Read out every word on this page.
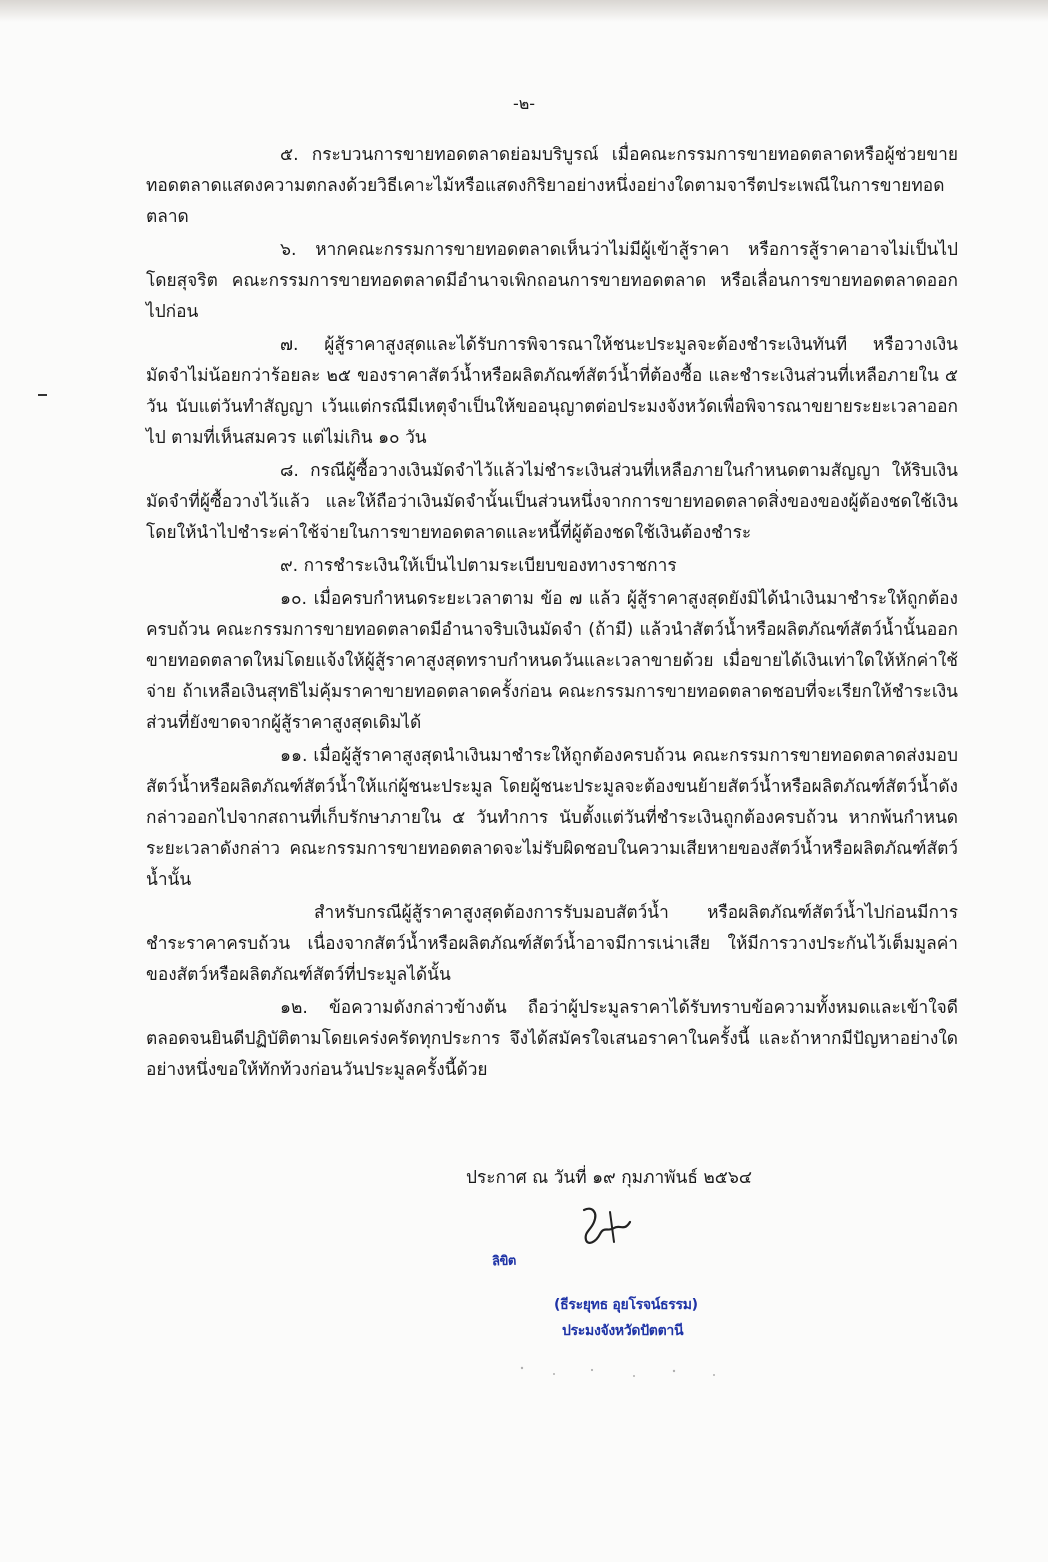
-๒-

๕. กระบวนการขายทอดตลาดย่อมบริบูรณ์ เมื่อคณะกรรมการขายทอดตลาดหรือผู้ช่วยขายทอดตลาดแสดงความตกลงด้วยวิธีเคาะไม้หรือแสดงกิริยาอย่างหนึ่งอย่างใดตามจารีตประเพณีในการขายทอดตลาด

๖. หากคณะกรรมการขายทอดตลาดเห็นว่าไม่มีผู้เข้าสู้ราคา หรือการสู้ราคาอาจไม่เป็นไปโดยสุจริต คณะกรรมการขายทอดตลาดมีอำนาจเพิกถอนการขายทอดตลาด หรือเลื่อนการขายทอดตลาดออกไปก่อน

๗. ผู้สู้ราคาสูงสุดและได้รับการพิจารณาให้ชนะประมูลจะต้องชำระเงินทันที หรือวางเงินมัดจำไม่น้อยกว่าร้อยละ ๒๕ ของราคาสัตว์น้ำหรือผลิตภัณฑ์สัตว์น้ำที่ต้องซื้อ และชำระเงินส่วนที่เหลือภายใน ๕ วัน นับแต่วันทำสัญญา เว้นแต่กรณีมีเหตุจำเป็นให้ขออนุญาตต่อประมงจังหวัดเพื่อพิจารณาขยายระยะเวลาออกไป ตามที่เห็นสมควร แต่ไม่เกิน ๑๐ วัน

๘. กรณีผู้ซื้อวางเงินมัดจำไว้แล้วไม่ชำระเงินส่วนที่เหลือภายในกำหนดตามสัญญา ให้ริบเงินมัดจำที่ผู้ซื้อวางไว้แล้ว และให้ถือว่าเงินมัดจำนั้นเป็นส่วนหนึ่งจากการขายทอดตลาดสิ่งของของผู้ต้องชดใช้เงินโดยให้นำไปชำระค่าใช้จ่ายในการขายทอดตลาดและหนี้ที่ผู้ต้องชดใช้เงินต้องชำระ

๙. การชำระเงินให้เป็นไปตามระเบียบของทางราชการ

๑๐. เมื่อครบกำหนดระยะเวลาตาม ข้อ ๗ แล้ว ผู้สู้ราคาสูงสุดยังมิได้นำเงินมาชำระให้ถูกต้องครบถ้วน คณะกรรมการขายทอดตลาดมีอำนาจริบเงินมัดจำ (ถ้ามี) แล้วนำสัตว์น้ำหรือผลิตภัณฑ์สัตว์น้ำนั้นออกขายทอดตลาดใหม่โดยแจ้งให้ผู้สู้ราคาสูงสุดทราบกำหนดวันและเวลาขายด้วย เมื่อขายได้เงินเท่าใดให้หักค่าใช้จ่าย ถ้าเหลือเงินสุทธิไม่คุ้มราคาขายทอดตลาดครั้งก่อน คณะกรรมการขายทอดตลาดชอบที่จะเรียกให้ชำระเงินส่วนที่ยังขาดจากผู้สู้ราคาสูงสุดเดิมได้

๑๑. เมื่อผู้สู้ราคาสูงสุดนำเงินมาชำระให้ถูกต้องครบถ้วน คณะกรรมการขายทอดตลาดส่งมอบสัตว์น้ำหรือผลิตภัณฑ์สัตว์น้ำให้แก่ผู้ชนะประมูล โดยผู้ชนะประมูลจะต้องขนย้ายสัตว์น้ำหรือผลิตภัณฑ์สัตว์น้ำดังกล่าวออกไปจากสถานที่เก็บรักษาภายใน ๕ วันทำการ นับตั้งแต่วันที่ชำระเงินถูกต้องครบถ้วน หากพ้นกำหนดระยะเวลาดังกล่าว คณะกรรมการขายทอดตลาดจะไม่รับผิดชอบในความเสียหายของสัตว์น้ำหรือผลิตภัณฑ์สัตว์น้ำนั้น

สำหรับกรณีผู้สู้ราคาสูงสุดต้องการรับมอบสัตว์น้ำ หรือผลิตภัณฑ์สัตว์น้ำไปก่อนมีการชำระราคาครบถ้วน เนื่องจากสัตว์น้ำหรือผลิตภัณฑ์สัตว์น้ำอาจมีการเน่าเสีย ให้มีการวางประกันไว้เต็มมูลค่าของสัตว์หรือผลิตภัณฑ์สัตว์ที่ประมูลได้นั้น

๑๒. ข้อความดังกล่าวข้างต้น ถือว่าผู้ประมูลราคาได้รับทราบข้อความทั้งหมดและเข้าใจดีตลอดจนยินดีปฏิบัติตามโดยเคร่งครัดทุกประการ จึงได้สมัครใจเสนอราคาในครั้งนี้ และถ้าหากมีปัญหาอย่างใดอย่างหนึ่งขอให้ทักท้วงก่อนวันประมูลครั้งนี้ด้วย

ประกาศ ณ วันที่ ๑๙ กุมภาพันธ์ ๒๕๖๔
ลิขิต
(ธีระยุทธ อุยโรจน์ธรรม)
ประมงจังหวัดปัตตานี
